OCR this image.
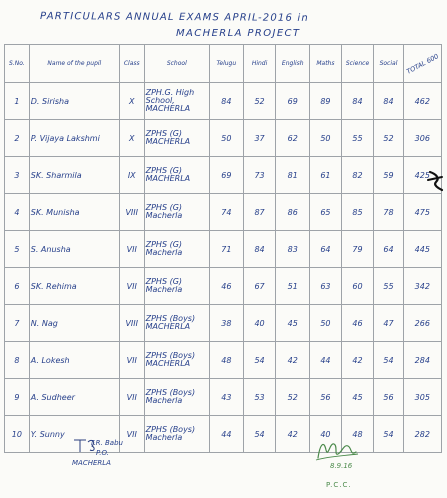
PARTICULARS ANNUAL EXAMS APRIL-2016 in
MACHERLA PROJECT
S.No.	Name of the pupil	Class	School	Telugu	Hindi	English	Maths	Science	Social	TOTAL 600
1	D. Sirisha	X	ZPH.G. High School, MACHERLA	84	52	69	89	84	84	462
2	P. Vijaya Lakshmi	X	ZPHS (G) MACHERLA	50	37	62	50	55	52	306
3	SK. Sharmila	IX	ZPHS (G) MACHERLA	69	73	81	61	82	59	425
4	SK. Munisha	VIII	ZPHS (G) Macherla	74	87	86	65	85	78	475
5	S. Anusha	VII	ZPHS (G) Macherla	71	84	83	64	79	64	445
6	SK. Rehima	VII	ZPHS (G) Macherla	46	67	51	63	60	55	342
7	N. Nag	VIII	ZPHS (Boys) MACHERLA	38	40	45	50	46	47	266
8	A. Lokesh	VII	ZPHS (Boys) MACHERLA	48	54	42	44	42	54	284
9	A. Sudheer	VII	ZPHS (Boys) Macherla	43	53	52	56	45	56	305
10	Y. Sunny	VII	ZPHS (Boys) Macherla	44	54	42	40	48	54	282
T.R. Babu
P.O.
MACHERLA	8.9.16
P.C.C.
